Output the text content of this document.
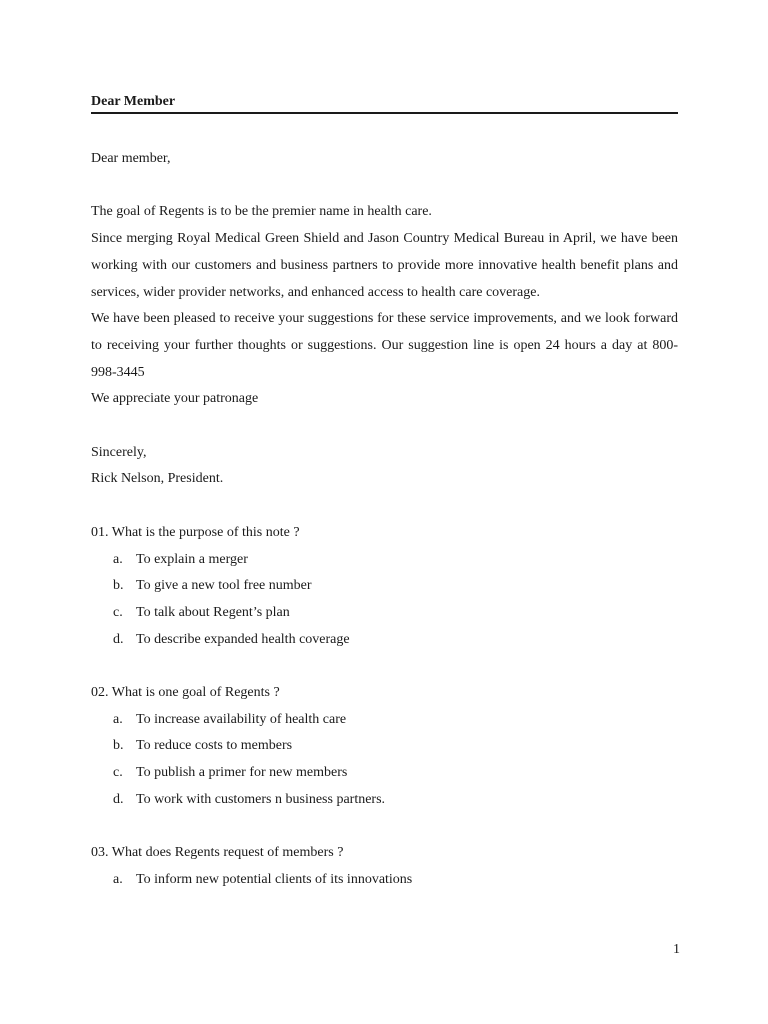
Dear Member

Dear member,

The goal of Regents is to be the premier name in health care.

Since merging Royal Medical Green Shield and Jason Country Medical Bureau in April, we have been working with our customers and business partners to provide more innovative health benefit plans and services, wider provider networks, and enhanced access to health care coverage.

We have been pleased to receive your suggestions for these service improvements, and we look forward to receiving your further thoughts or suggestions. Our suggestion line is open 24 hours a day at 800-998-3445

We appreciate your patronage

Sincerely,

Rick Nelson, President.

01. What is the purpose of this note ?

a. To explain a merger
b. To give a new tool free number
c. To talk about Regent’s plan
d. To describe expanded health coverage

02. What is one goal of Regents ?

a. To increase availability of health care
b. To reduce costs to members
c. To publish a primer for new members
d. To work with customers n business partners.

03. What does Regents request of members ?

a. To inform new potential clients of its innovations
1
